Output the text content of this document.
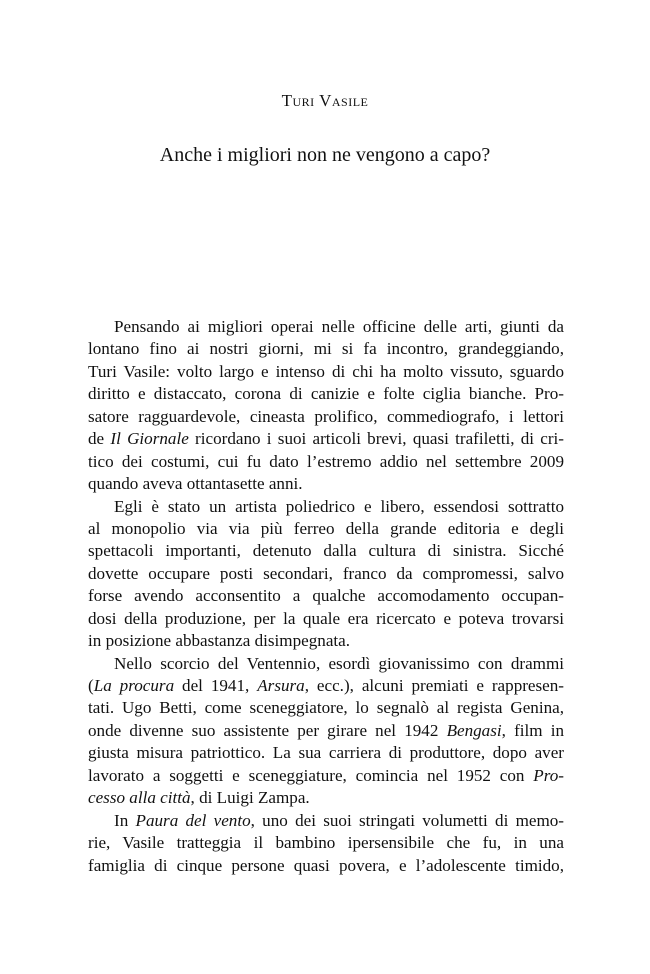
Turi Vasile
Anche i migliori non ne vengono a capo?
Pensando ai migliori operai nelle officine delle arti, giunti da
lontano fino ai nostri giorni, mi si fa incontro, grandeggiando,
Turi Vasile: volto largo e intenso di chi ha molto vissuto, sguardo
diritto e distaccato, corona di canizie e folte ciglia bianche. Pro-
satore ragguardevole, cineasta prolifico, commediografo, i lettori
de Il Giornale ricordano i suoi articoli brevi, quasi trafiletti, di cri-
tico dei costumi, cui fu dato l’estremo addio nel settembre 2009
quando aveva ottantasette anni.
Egli è stato un artista poliedrico e libero, essendosi sottratto
al monopolio via via più ferreo della grande editoria e degli
spettacoli importanti, detenuto dalla cultura di sinistra. Sicché
dovette occupare posti secondari, franco da compromessi, salvo
forse avendo acconsentito a qualche accomodamento occupan-
dosi della produzione, per la quale era ricercato e poteva trovarsi
in posizione abbastanza disimpegnata.
Nello scorcio del Ventennio, esordì giovanissimo con drammi
(La procura del 1941, Arsura, ecc.), alcuni premiati e rappresen-
tati. Ugo Betti, come sceneggiatore, lo segnalò al regista Genina,
onde divenne suo assistente per girare nel 1942 Bengasi, film in
giusta misura patriottico. La sua carriera di produttore, dopo aver
lavorato a soggetti e sceneggiature, comincia nel 1952 con Pro-
cesso alla città, di Luigi Zampa.
In Paura del vento, uno dei suoi stringati volumetti di memo-
rie, Vasile tratteggia il bambino ipersensibile che fu, in una
famiglia di cinque persone quasi povera, e l’adolescente timido,
